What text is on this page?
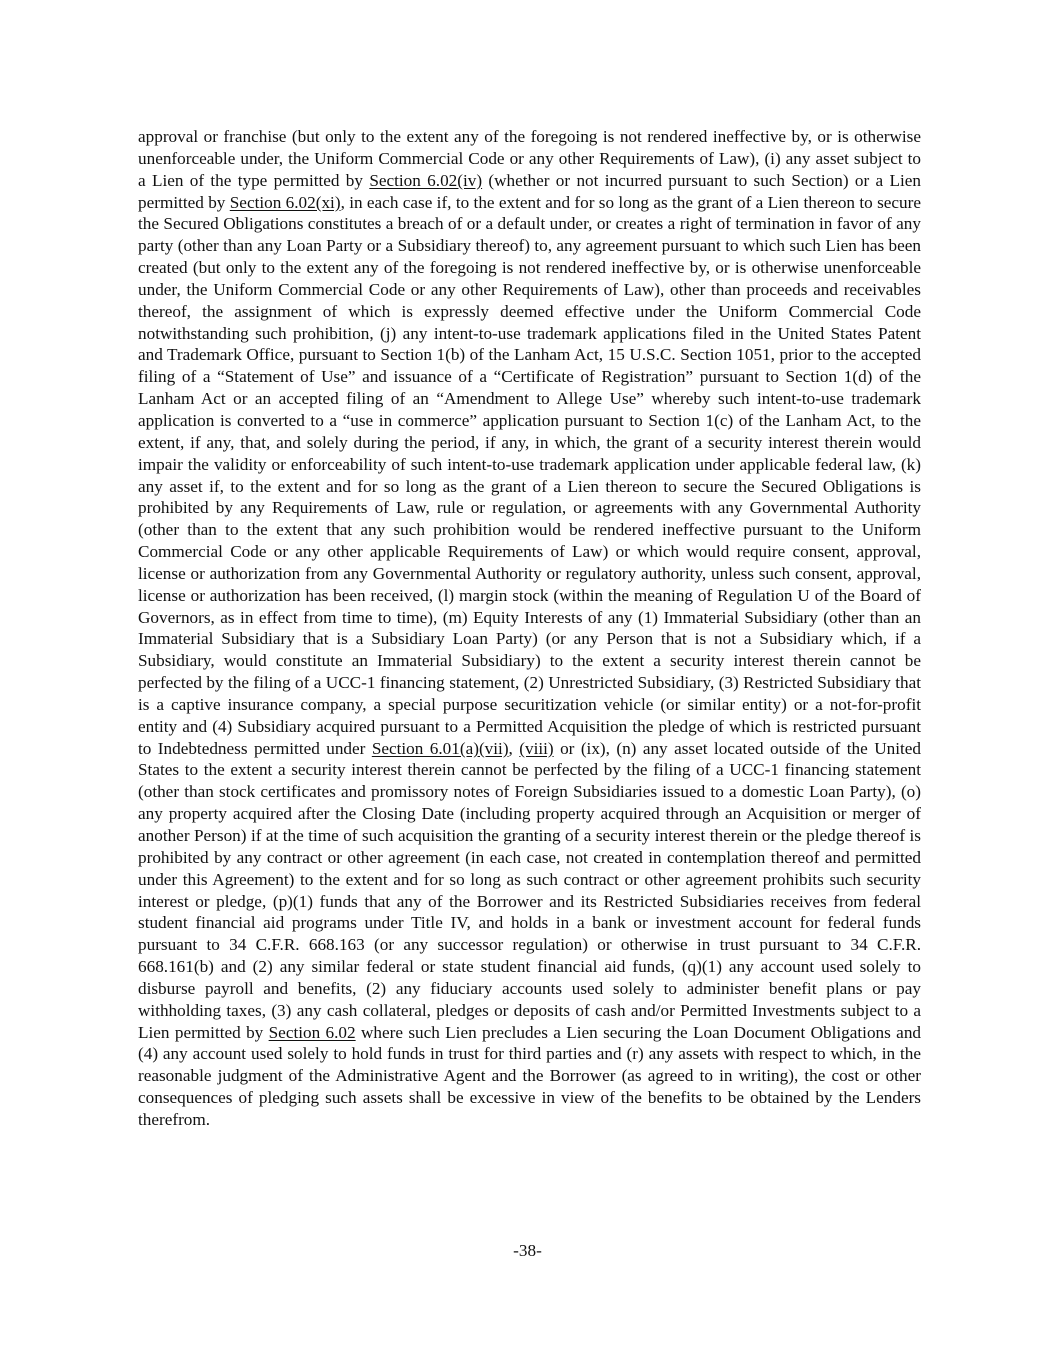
approval or franchise (but only to the extent any of the foregoing is not rendered ineffective by, or is otherwise unenforceable under, the Uniform Commercial Code or any other Requirements of Law), (i) any asset subject to a Lien of the type permitted by Section 6.02(iv) (whether or not incurred pursuant to such Section) or a Lien permitted by Section 6.02(xi), in each case if, to the extent and for so long as the grant of a Lien thereon to secure the Secured Obligations constitutes a breach of or a default under, or creates a right of termination in favor of any party (other than any Loan Party or a Subsidiary thereof) to, any agreement pursuant to which such Lien has been created (but only to the extent any of the foregoing is not rendered ineffective by, or is otherwise unenforceable under, the Uniform Commercial Code or any other Requirements of Law), other than proceeds and receivables thereof, the assignment of which is expressly deemed effective under the Uniform Commercial Code notwithstanding such prohibition, (j) any intent-to-use trademark applications filed in the United States Patent and Trademark Office, pursuant to Section 1(b) of the Lanham Act, 15 U.S.C. Section 1051, prior to the accepted filing of a “Statement of Use” and issuance of a “Certificate of Registration” pursuant to Section 1(d) of the Lanham Act or an accepted filing of an “Amendment to Allege Use” whereby such intent-to-use trademark application is converted to a “use in commerce” application pursuant to Section 1(c) of the Lanham Act, to the extent, if any, that, and solely during the period, if any, in which, the grant of a security interest therein would impair the validity or enforceability of such intent-to-use trademark application under applicable federal law, (k) any asset if, to the extent and for so long as the grant of a Lien thereon to secure the Secured Obligations is prohibited by any Requirements of Law, rule or regulation, or agreements with any Governmental Authority (other than to the extent that any such prohibition would be rendered ineffective pursuant to the Uniform Commercial Code or any other applicable Requirements of Law) or which would require consent, approval, license or authorization from any Governmental Authority or regulatory authority, unless such consent, approval, license or authorization has been received, (l) margin stock (within the meaning of Regulation U of the Board of Governors, as in effect from time to time), (m) Equity Interests of any (1) Immaterial Subsidiary (other than an Immaterial Subsidiary that is a Subsidiary Loan Party) (or any Person that is not a Subsidiary which, if a Subsidiary, would constitute an Immaterial Subsidiary) to the extent a security interest therein cannot be perfected by the filing of a UCC-1 financing statement, (2) Unrestricted Subsidiary, (3) Restricted Subsidiary that is a captive insurance company, a special purpose securitization vehicle (or similar entity) or a not-for-profit entity and (4) Subsidiary acquired pursuant to a Permitted Acquisition the pledge of which is restricted pursuant to Indebtedness permitted under Section 6.01(a)(vii), (viii) or (ix), (n) any asset located outside of the United States to the extent a security interest therein cannot be perfected by the filing of a UCC-1 financing statement (other than stock certificates and promissory notes of Foreign Subsidiaries issued to a domestic Loan Party), (o) any property acquired after the Closing Date (including property acquired through an Acquisition or merger of another Person) if at the time of such acquisition the granting of a security interest therein or the pledge thereof is prohibited by any contract or other agreement (in each case, not created in contemplation thereof and permitted under this Agreement) to the extent and for so long as such contract or other agreement prohibits such security interest or pledge, (p)(1) funds that any of the Borrower and its Restricted Subsidiaries receives from federal student financial aid programs under Title IV, and holds in a bank or investment account for federal funds pursuant to 34 C.F.R. 668.163 (or any successor regulation) or otherwise in trust pursuant to 34 C.F.R. 668.161(b) and (2) any similar federal or state student financial aid funds, (q)(1) any account used solely to disburse payroll and benefits, (2) any fiduciary accounts used solely to administer benefit plans or pay withholding taxes, (3) any cash collateral, pledges or deposits of cash and/or Permitted Investments subject to a Lien permitted by Section 6.02 where such Lien precludes a Lien securing the Loan Document Obligations and (4) any account used solely to hold funds in trust for third parties and (r) any assets with respect to which, in the reasonable judgment of the Administrative Agent and the Borrower (as agreed to in writing), the cost or other consequences of pledging such assets shall be excessive in view of the benefits to be obtained by the Lenders therefrom.

-38-
